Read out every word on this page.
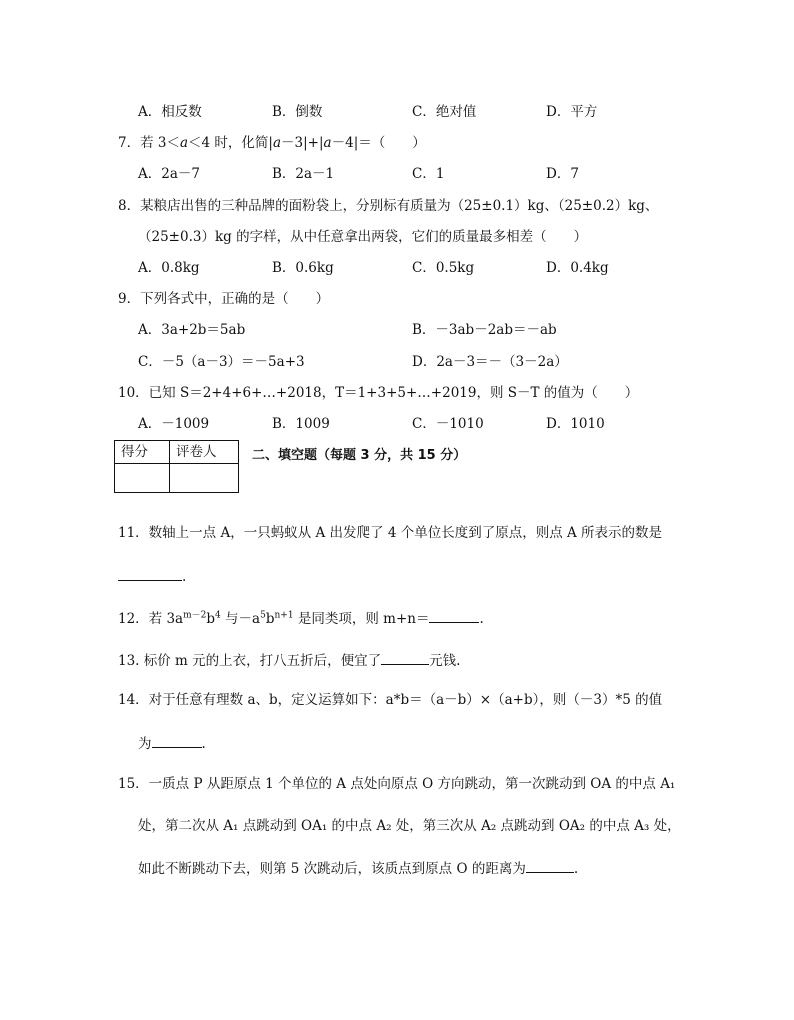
A．相反数	B．倒数	C．绝对值	D．平方
7．若 3＜a＜4 时，化简|a－3|+|a－4|＝（　　）
A．2a－7	B．2a－1	C．1	D．7
8．某粮店出售的三种品牌的面粉袋上，分别标有质量为（25±0.1）kg、（25±0.2）kg、
（25±0.3）kg 的字样，从中任意拿出两袋，它们的质量最多相差（　　）
A．0.8kg	B．0.6kg	C．0.5kg	D．0.4kg
9．下列各式中，正确的是（　　）
A．3a+2b＝5ab	B．－3ab－2ab＝－ab
C．－5（a－3）＝－5a+3	D．2a－3＝－（3－2a）
10．已知 S＝2+4+6+…+2018，T＝1+3+5+…+2019，则 S－T 的值为（　　）
A．－1009	B．1009	C．－1010	D．1010
得分	评卷人
		二、填空题（每题 3 分，共 15 分）
11．数轴上一点 A，一只蚂蚁从 A 出发爬了 4 个单位长度到了原点，则点 A 所表示的数是
.
12．若 $3a^{m-2}b^4$ 与$-a^5b^{n+1}$ 是同类项，则 m+n＝	.
13. 标价 m 元的上衣，打八五折后，便宜了	元钱.
14．对于任意有理数 a、b，定义运算如下：a*b＝（a－b）×（a+b），则（－3）*5 的值
为	.
15．一质点 P 从距原点 1 个单位的 A 点处向原点 O 方向跳动，第一次跳动到 OA 的中点 A₁
处，第二次从 A₁ 点跳动到 OA₁ 的中点 A₂ 处，第三次从 A₂ 点跳动到 OA₂ 的中点 A₃ 处，
如此不断跳动下去，则第 5 次跳动后，该质点到原点 O 的距离为	.
